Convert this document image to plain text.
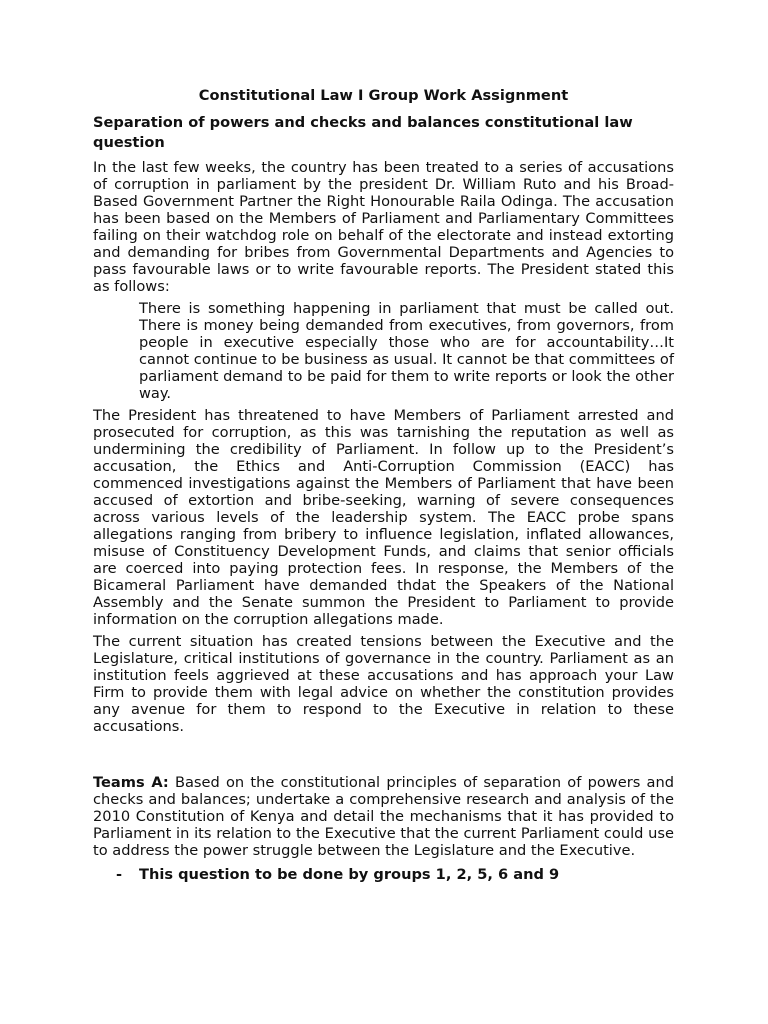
Constitutional Law I Group Work Assignment
Separation of powers and checks and balances constitutional law question

In the last few weeks, the country has been treated to a series of accusations of corruption in parliament by the president Dr. William Ruto and his Broad-Based Government Partner the Right Honourable Raila Odinga. The accusation has been based on the Members of Parliament and Parliamentary Committees failing on their watchdog role on behalf of the electorate and instead extorting and demanding for bribes from Governmental Departments and Agencies to pass favourable laws or to write favourable reports. The President stated this as follows:

There is something happening in parliament that must be called out. There is money being demanded from executives, from governors, from people in executive especially those who are for accountability…It cannot continue to be business as usual. It cannot be that committees of parliament demand to be paid for them to write reports or look the other way.

The President has threatened to have Members of Parliament arrested and prosecuted for corruption, as this was tarnishing the reputation as well as undermining the credibility of Parliament. In follow up to the President’s accusation, the Ethics and Anti-Corruption Commission (EACC) has commenced investigations against the Members of Parliament that have been accused of extortion and bribe-seeking, warning of severe consequences across various levels of the leadership system. The EACC probe spans allegations ranging from bribery to influence legislation, inflated allowances, misuse of Constituency Development Funds, and claims that senior officials are coerced into paying protection fees. In response, the Members of the Bicameral Parliament have demanded thdat the Speakers of the National Assembly and the Senate summon the President to Parliament to provide information on the corruption allegations made.

The current situation has created tensions between the Executive and the Legislature, critical institutions of governance in the country. Parliament as an institution feels aggrieved at these accusations and has approach your Law Firm to provide them with legal advice on whether the constitution provides any avenue for them to respond to the Executive in relation to these accusations.

Teams A: Based on the constitutional principles of separation of powers and checks and balances; undertake a comprehensive research and analysis of the 2010 Constitution of Kenya and detail the mechanisms that it has provided to Parliament in its relation to the Executive that the current Parliament could use to address the power struggle between the Legislature and the Executive.

-	This question to be done by groups 1, 2, 5, 6 and 9
